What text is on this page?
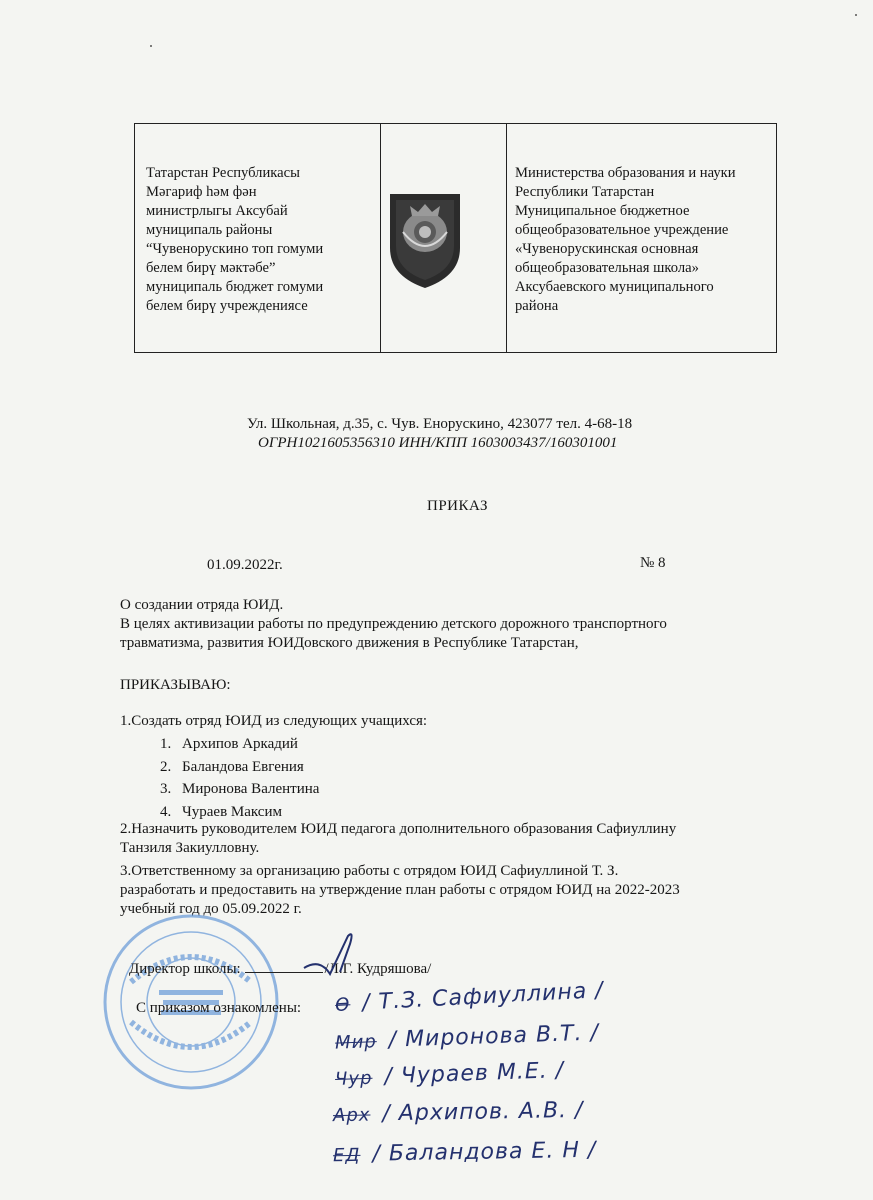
Татарстан Республикасы
Мәгариф һәм фән
министрлыгы Аксубай
муниципаль районы
“Чувенорускино топ гомуми
белем бирү мәктәбе”
муниципаль бюджет гомуми
белем бирү учреждениясе
Министерства образования и науки
Республики Татарстан
Муниципальное бюджетное
общеобразовательное учреждение
«Чувенорускинская основная
общеобразовательная школа»
Аксубаевского муниципального
района
Ул. Школьная, д.35, с. Чув. Енорускино, 423077 тел. 4-68-18
ОГРН1021605356310 ИНН/КПП 1603003437/160301001
ПРИКАЗ
01.09.2022г.	№ 8
О создании отряда ЮИД.
В целях активизации работы по предупреждению детского дорожного транспортного
травматизма, развития ЮИДовского движения в Республике Татарстан,
ПРИКАЗЫВАЮ:
1.Создать отряд ЮИД из следующих учащихся:
1. Архипов Аркадий
2. Баландова Евгения
3. Миронова Валентина
4. Чураев Максим
2.Назначить руководителем ЮИД педагога дополнительного образования Сафиуллину
Танзиля Закиулловну.
3.Ответственному за организацию работы с отрядом ЮИД Сафиуллиной Т. З.
разработать и предоставить на утверждение план работы с отрядом ЮИД на 2022-2023
учебный год до 05.09.2022 г.
Директор школы:	/Л.Г. Кудряшова/
С приказом ознакомлены: Ѳ / Т.З. Сафиуллина /
Мир / Миронова В.Т. /
Чур / Чураев М.Е. /
Арх / Архипов. А.В. /
ЕД / Баландова Е. Н /
